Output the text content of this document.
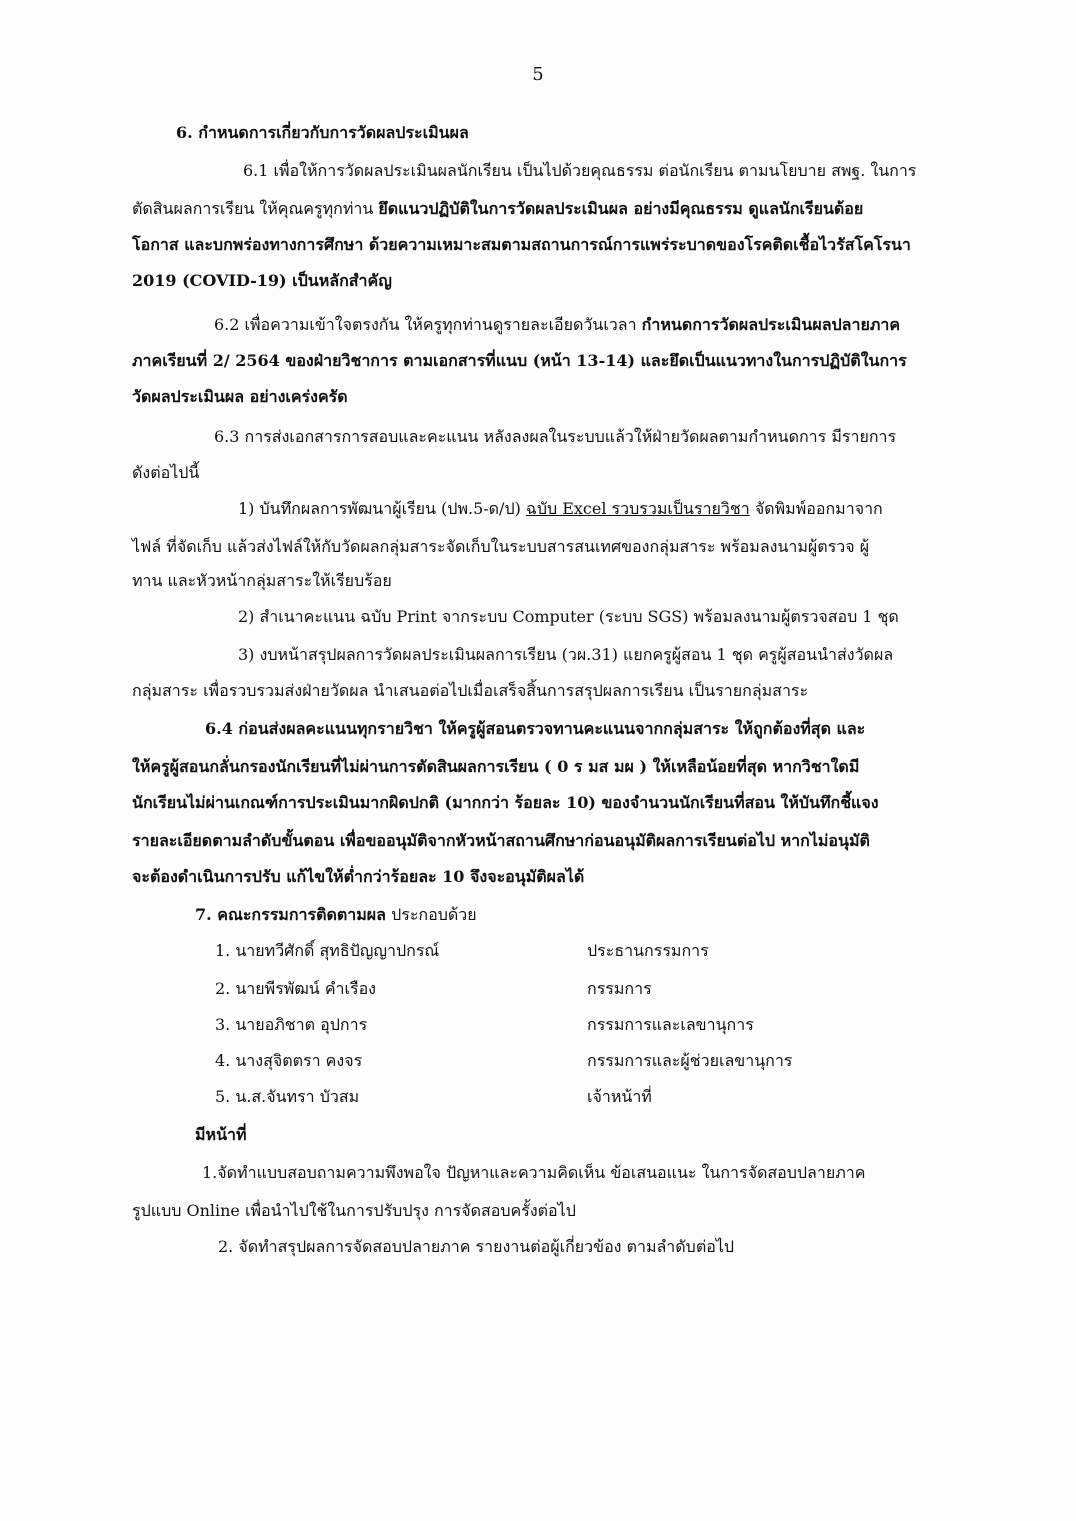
5
6. กำหนดการเกี่ยวกับการวัดผลประเมินผล
6.1 เพื่อให้การวัดผลประเมินผลนักเรียน เป็นไปด้วยคุณธรรม ต่อนักเรียน ตามนโยบาย สพฐ. ในการ
ตัดสินผลการเรียน ให้คุณครูทุกท่าน ยึดแนวปฏิบัติในการวัดผลประเมินผล อย่างมีคุณธรรม ดูแลนักเรียนด้อย
โอกาส และบกพร่องทางการศึกษา ด้วยความเหมาะสมตามสถานการณ์การแพร่ระบาดของโรคติดเชื้อไวรัสโคโรนา
2019 (COVID-19) เป็นหลักสำคัญ
6.2 เพื่อความเข้าใจตรงกัน ให้ครูทุกท่านดูรายละเอียดวันเวลา กำหนดการวัดผลประเมินผลปลายภาค
ภาคเรียนที่ 2/ 2564 ของฝ่ายวิชาการ ตามเอกสารที่แนบ (หน้า 13-14) และยึดเป็นแนวทางในการปฏิบัติในการ
วัดผลประเมินผล อย่างเคร่งครัด
6.3 การส่งเอกสารการสอบและคะแนน หลังลงผลในระบบแล้วให้ฝ่ายวัดผลตามกำหนดการ มีรายการ
ดังต่อไปนี้
1) บันทึกผลการพัฒนาผู้เรียน (ปพ.5-ด/ป) ฉบับ Excel รวบรวมเป็นรายวิชา จัดพิมพ์ออกมาจาก
ไฟล์ ที่จัดเก็บ แล้วส่งไฟล์ให้กับวัดผลกลุ่มสาระจัดเก็บในระบบสารสนเทศของกลุ่มสาระ พร้อมลงนามผู้ตรวจ ผู้
ทาน และหัวหน้ากลุ่มสาระให้เรียบร้อย
2) สำเนาคะแนน ฉบับ Print จากระบบ Computer (ระบบ SGS) พร้อมลงนามผู้ตรวจสอบ 1 ชุด
3) งบหน้าสรุปผลการวัดผลประเมินผลการเรียน (วผ.31) แยกครูผู้สอน 1 ชุด ครูผู้สอนนำส่งวัดผล
กลุ่มสาระ เพื่อรวบรวมส่งฝ่ายวัดผล นำเสนอต่อไปเมื่อเสร็จสิ้นการสรุปผลการเรียน เป็นรายกลุ่มสาระ
6.4 ก่อนส่งผลคะแนนทุกรายวิชา ให้ครูผู้สอนตรวจทานคะแนนจากกลุ่มสาระ ให้ถูกต้องที่สุด และ
ให้ครูผู้สอนกลั่นกรองนักเรียนที่ไม่ผ่านการตัดสินผลการเรียน ( 0 ร มส มผ ) ให้เหลือน้อยที่สุด หากวิชาใดมี
นักเรียนไม่ผ่านเกณฑ์การประเมินมากผิดปกติ (มากกว่า ร้อยละ 10) ของจำนวนนักเรียนที่สอน ให้บันทึกชี้แจง
รายละเอียดตามลำดับขั้นตอน เพื่อขออนุมัติจากหัวหน้าสถานศึกษาก่อนอนุมัติผลการเรียนต่อไป หากไม่อนุมัติ
จะต้องดำเนินการปรับ แก้ไขให้ต่ำกว่าร้อยละ 10 จึงจะอนุมัติผลได้
7. คณะกรรมการติดตามผล ประกอบด้วย
1. นายทวีศักดิ์ สุทธิปัญญาปกรณ์	ประธานกรรมการ
2. นายพีรพัฒน์ คำเรือง	กรรมการ
3. นายอภิชาต อุปการ	กรรมการและเลขานุการ
4. นางสุจิตตรา คงจร	กรรมการและผู้ช่วยเลขานุการ
5. น.ส.จันทรา บัวสม	เจ้าหน้าที่
มีหน้าที่
1.จัดทำแบบสอบถามความพึงพอใจ ปัญหาและความคิดเห็น ข้อเสนอแนะ ในการจัดสอบปลายภาค
รูปแบบ Online เพื่อนำไปใช้ในการปรับปรุง การจัดสอบครั้งต่อไป
2. จัดทำสรุปผลการจัดสอบปลายภาค รายงานต่อผู้เกี่ยวข้อง ตามลำดับต่อไป
